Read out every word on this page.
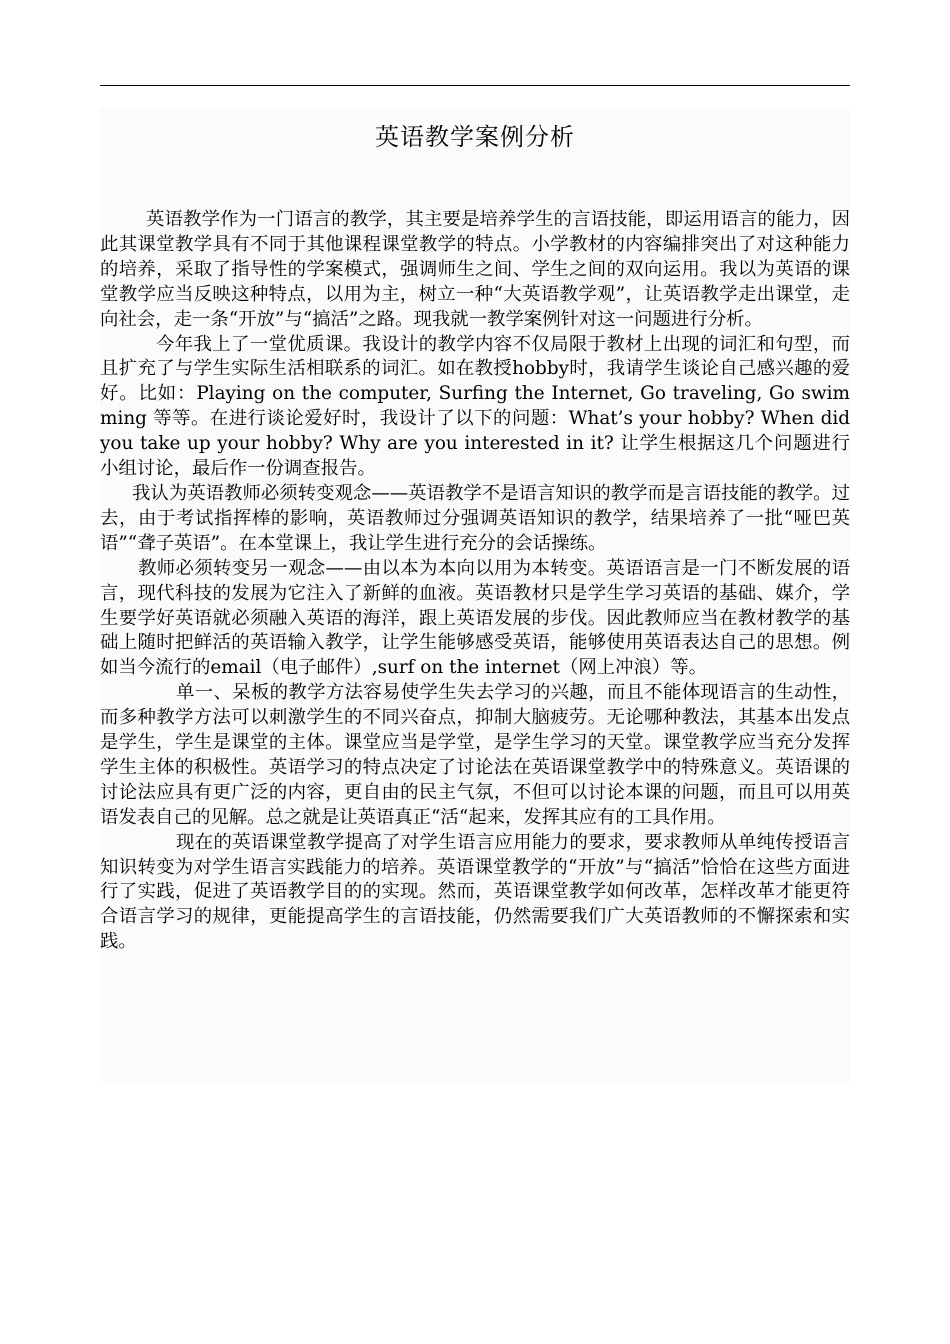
英语教学案例分析

英语教学作为一门语言的教学，其主要是培养学生的言语技能，即运用语言的能力，因此其课堂教学具有不同于其他课程课堂教学的特点。小学教材的内容编排突出了对这种能力的培养，采取了指导性的学案模式，强调师生之间、学生之间的双向运用。我以为英语的课堂教学应当反映这种特点，以用为主，树立一种“大英语教学观”，让英语教学走出课堂，走向社会，走一条“开放”与“搞活”之路。现我就一教学案例针对这一问题进行分析。

今年我上了一堂优质课。我设计的教学内容不仅局限于教材上出现的词汇和句型，而且扩充了与学生实际生活相联系的词汇。如在教授hobby时，我请学生谈论自己感兴趣的爱好。比如：Playing on the computer, Surfing the Internet, Go traveling, Go swimming 等等。在进行谈论爱好时，我设计了以下的问题：What’s your hobby? When did you take up your hobby? Why are you interested in it? 让学生根据这几个问题进行小组讨论，最后作一份调查报告。

我认为英语教师必须转变观念——英语教学不是语言知识的教学而是言语技能的教学。过去，由于考试指挥棒的影响，英语教师过分强调英语知识的教学，结果培养了一批“哑巴英语”“聋子英语”。在本堂课上，我让学生进行充分的会话操练。

教师必须转变另一观念——由以本为本向以用为本转变。英语语言是一门不断发展的语言，现代科技的发展为它注入了新鲜的血液。英语教材只是学生学习英语的基础、媒介，学生要学好英语就必须融入英语的海洋，跟上英语发展的步伐。因此教师应当在教材教学的基础上随时把鲜活的英语输入教学，让学生能够感受英语，能够使用英语表达自己的思想。例如当今流行的email（电子邮件）,surf on the internet（网上冲浪）等。

单一、呆板的教学方法容易使学生失去学习的兴趣，而且不能体现语言的生动性，而多种教学方法可以刺激学生的不同兴奋点，抑制大脑疲劳。无论哪种教法，其基本出发点是学生，学生是课堂的主体。课堂应当是学堂，是学生学习的天堂。课堂教学应当充分发挥学生主体的积极性。英语学习的特点决定了讨论法在英语课堂教学中的特殊意义。英语课的讨论法应具有更广泛的内容，更自由的民主气氛，不但可以讨论本课的问题，而且可以用英语发表自己的见解。总之就是让英语真正“活“起来，发挥其应有的工具作用。

现在的英语课堂教学提高了对学生语言应用能力的要求，要求教师从单纯传授语言知识转变为对学生语言实践能力的培养。英语课堂教学的“开放”与“搞活”恰恰在这些方面进行了实践，促进了英语教学目的的实现。然而，英语课堂教学如何改革，怎样改革才能更符合语言学习的规律，更能提高学生的言语技能，仍然需要我们广大英语教师的不懈探索和实践。
